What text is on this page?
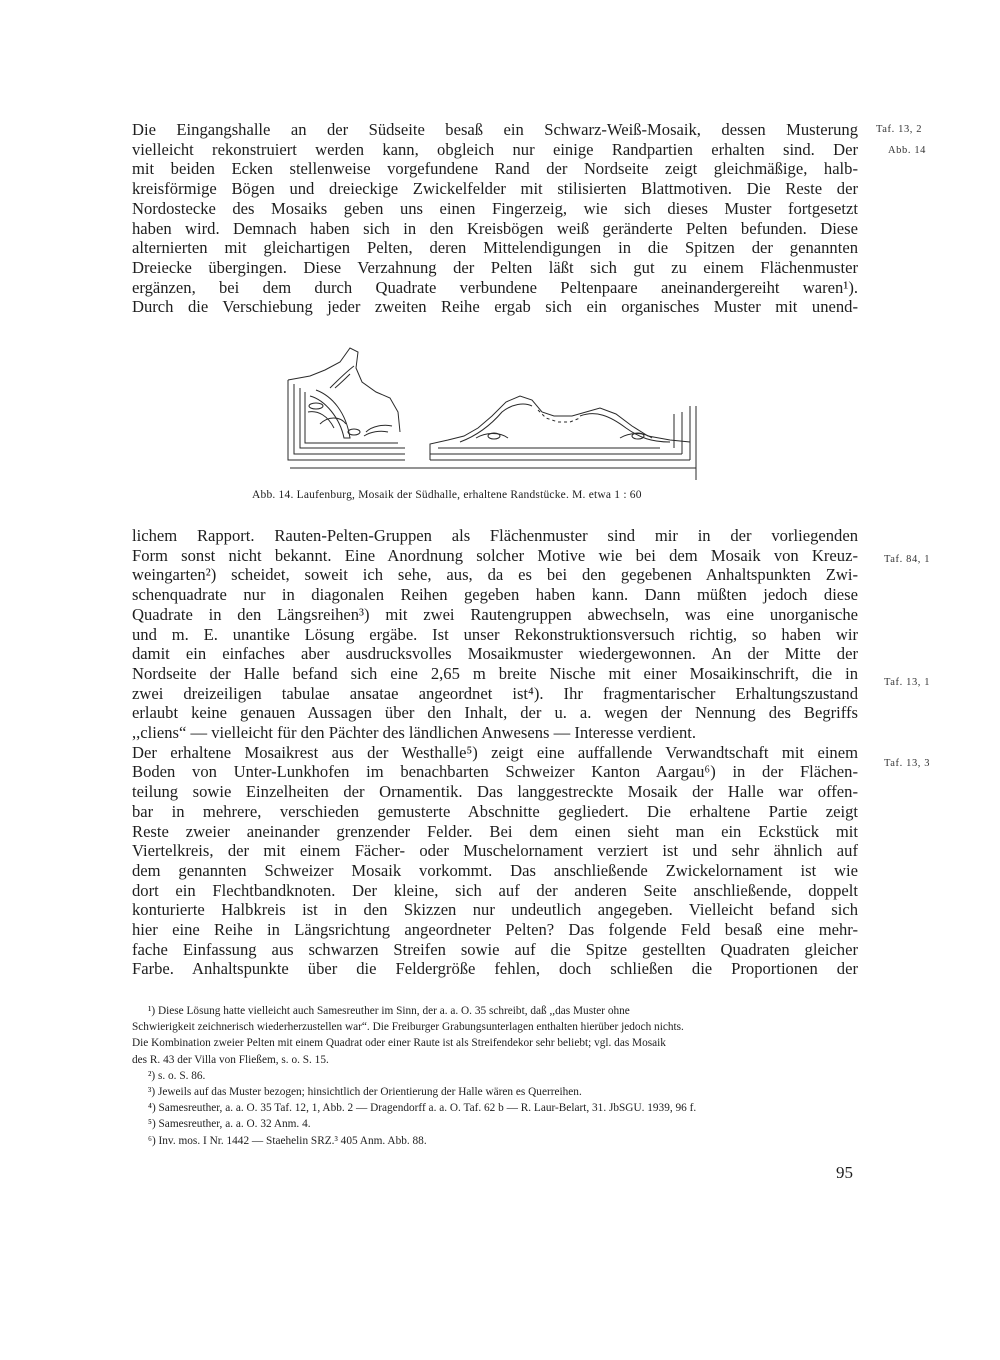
Die Eingangshalle an der Südseite besaß ein Schwarz-Weiß-Mosaik, dessen Musterung
vielleicht rekonstruiert werden kann, obgleich nur einige Randpartien erhalten sind. Der
mit beiden Ecken stellenweise vorgefundene Rand der Nordseite zeigt gleichmäßige, halb-
kreisförmige Bögen und dreieckige Zwickelfelder mit stilisierten Blattmotiven. Die Reste der
Nordostecke des Mosaiks geben uns einen Fingerzeig, wie sich dieses Muster fortgesetzt
haben wird. Demnach haben sich in den Kreisbögen weiß geränderte Pelten befunden. Diese
alternierten mit gleichartigen Pelten, deren Mittelendigungen in die Spitzen der genannten
Dreiecke übergingen. Diese Verzahnung der Pelten läßt sich gut zu einem Flächenmuster
ergänzen, bei dem durch Quadrate verbundene Peltenpaare aneinandergereiht waren¹).
Durch die Verschiebung jeder zweiten Reihe ergab sich ein organisches Muster mit unend-
Taf. 13, 2
Abb. 14
Taf. 84, 1
Taf. 13, 1
Taf. 13, 3
Abb. 14. Laufenburg, Mosaik der Südhalle, erhaltene Randstücke. M. etwa 1 : 60
lichem Rapport. Rauten-Pelten-Gruppen als Flächenmuster sind mir in der vorliegenden
Form sonst nicht bekannt. Eine Anordnung solcher Motive wie bei dem Mosaik von Kreuz-
weingarten²) scheidet, soweit ich sehe, aus, da es bei den gegebenen Anhaltspunkten Zwi-
schenquadrate nur in diagonalen Reihen gegeben haben kann. Dann müßten jedoch diese
Quadrate in den Längsreihen³) mit zwei Rautengruppen abwechseln, was eine unorganische
und m. E. unantike Lösung ergäbe. Ist unser Rekonstruktionsversuch richtig, so haben wir
damit ein einfaches aber ausdrucksvolles Mosaikmuster wiedergewonnen. An der Mitte der
Nordseite der Halle befand sich eine 2,65 m breite Nische mit einer Mosaikinschrift, die in
zwei dreizeiligen tabulae ansatae angeordnet ist⁴). Ihr fragmentarischer Erhaltungszustand
erlaubt keine genauen Aussagen über den Inhalt, der u. a. wegen der Nennung des Begriffs
,,cliens“ — vielleicht für den Pächter des ländlichen Anwesens — Interesse verdient.
Der erhaltene Mosaikrest aus der Westhalle⁵) zeigt eine auffallende Verwandtschaft mit einem
Boden von Unter-Lunkhofen im benachbarten Schweizer Kanton Aargau⁶) in der Flächen-
teilung sowie Einzelheiten der Ornamentik. Das langgestreckte Mosaik der Halle war offen-
bar in mehrere, verschieden gemusterte Abschnitte gegliedert. Die erhaltene Partie zeigt
Reste zweier aneinander grenzender Felder. Bei dem einen sieht man ein Eckstück mit
Viertelkreis, der mit einem Fächer- oder Muschelornament verziert ist und sehr ähnlich auf
dem genannten Schweizer Mosaik vorkommt. Das anschließende Zwickelornament ist wie
dort ein Flechtbandknoten. Der kleine, sich auf der anderen Seite anschließende, doppelt
konturierte Halbkreis ist in den Skizzen nur undeutlich angegeben. Vielleicht befand sich
hier eine Reihe in Längsrichtung angeordneter Pelten? Das folgende Feld besaß eine mehr-
fache Einfassung aus schwarzen Streifen sowie auf die Spitze gestellten Quadraten gleicher
Farbe. Anhaltspunkte über die Feldergröße fehlen, doch schließen die Proportionen der
¹) Diese Lösung hatte vielleicht auch Samesreuther im Sinn, der a. a. O. 35 schreibt, daß ,,das Muster ohne
Schwierigkeit zeichnerisch wiederherzustellen war“. Die Freiburger Grabungsunterlagen enthalten hierüber jedoch nichts.
Die Kombination zweier Pelten mit einem Quadrat oder einer Raute ist als Streifendekor sehr beliebt; vgl. das Mosaik
des R. 43 der Villa von Fließem, s. o. S. 15.
²) s. o. S. 86.
³) Jeweils auf das Muster bezogen; hinsichtlich der Orientierung der Halle wären es Querreihen.
⁴) Samesreuther, a. a. O. 35 Taf. 12, 1, Abb. 2 — Dragendorff a. a. O. Taf. 62 b — R. Laur-Belart, 31. JbSGU. 1939, 96 f.
⁵) Samesreuther, a. a. O. 32 Anm. 4.
⁶) Inv. mos. I Nr. 1442 — Staehelin SRZ.³ 405 Anm. Abb. 88.
95
